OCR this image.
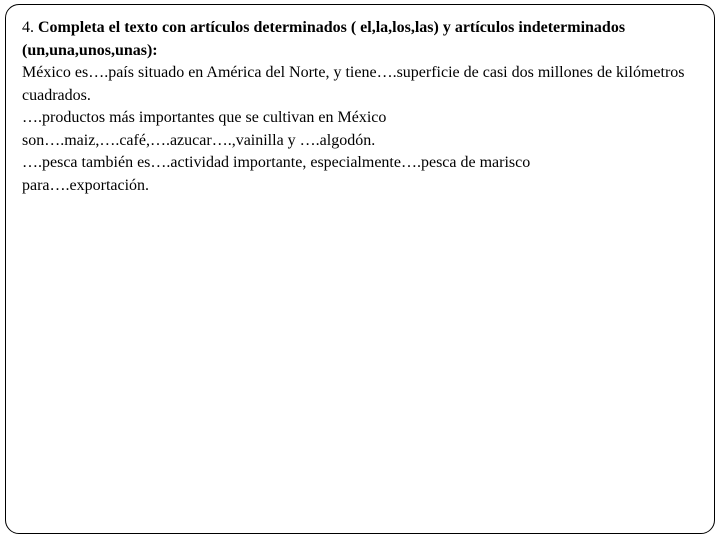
4. Completa el texto con artículos determinados ( el,la,los,las) y artículos indeterminados (un,una,unos,unas):

México es….país situado en América del Norte, y tiene….superficie de casi dos millones de kilómetros cuadrados.

….productos más importantes que se cultivan en México

son….maiz,….café,….azucar….,vainilla y ….algodón.

….pesca también es….actividad importante, especialmente….pesca de marisco

para….exportación.
